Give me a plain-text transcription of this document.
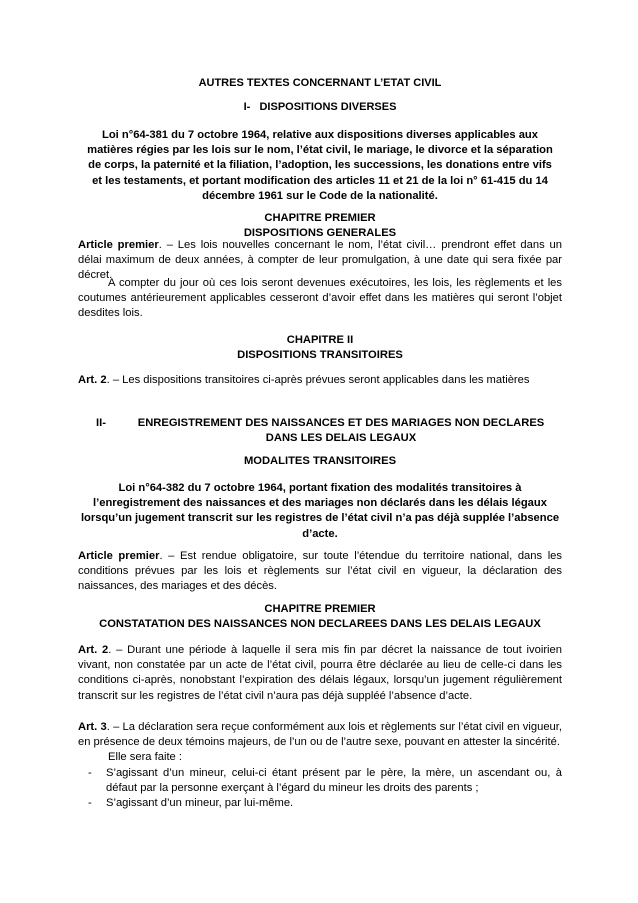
AUTRES TEXTES CONCERNANT L’ETAT CIVIL
I- DISPOSITIONS DIVERSES
Loi n°64-381 du 7 octobre 1964, relative aux dispositions diverses applicables aux matières régies par les lois sur le nom, l’état civil, le mariage, le divorce et la séparation de corps, la paternité et la filiation, l’adoption, les successions, les donations entre vifs et les testaments, et portant modification des articles 11 et 21 de la loi n° 61-415 du 14 décembre 1961 sur le Code de la nationalité.
CHAPITRE PREMIER
DISPOSITIONS GENERALES
Article premier. – Les lois nouvelles concernant le nom, l’état civil… prendront effet dans un délai maximum de deux années, à compter de leur promulgation, à une date qui sera fixée par décret.
A compter du jour où ces lois seront devenues exécutoires, les lois, les règlements et les coutumes antérieurement applicables cesseront d’avoir effet dans les matières qui seront l’objet desdites lois.
CHAPITRE II
DISPOSITIONS TRANSITOIRES
Art. 2. – Les dispositions transitoires ci-après prévues seront applicables dans les matières
II-	ENREGISTREMENT DES NAISSANCES ET DES MARIAGES NON DECLARES
DANS LES DELAIS LEGAUX
MODALITES TRANSITOIRES
Loi n°64-382 du 7 octobre 1964, portant fixation des modalités transitoires à l’enregistrement des naissances et des mariages non déclarés dans les délais légaux lorsqu’un jugement transcrit sur les registres de l’état civil n’a pas déjà supplée l’absence d’acte.
Article premier. – Est rendue obligatoire, sur toute l’étendue du territoire national, dans les conditions prévues par les lois et règlements sur l’état civil en vigueur, la déclaration des naissances, des mariages et des décès.
CHAPITRE PREMIER
CONSTATATION DES NAISSANCES NON DECLAREES DANS LES DELAIS LEGAUX
Art. 2. – Durant une période à laquelle il sera mis fin par décret la naissance de tout ivoirien vivant, non constatée par un acte de l’état civil, pourra être déclarée au lieu de celle-ci dans les conditions ci-après, nonobstant l’expiration des délais légaux, lorsqu’un jugement régulièrement transcrit sur les registres de l’état civil n’aura pas déjà suppléé l’absence d’acte.
Art. 3. – La déclaration sera reçue conformément aux lois et règlements sur l’état civil en vigueur, en présence de deux témoins majeurs, de l’un ou de l’autre sexe, pouvant en attester la sincérité.
Elle sera faite :
- S’agissant d’un mineur, celui-ci étant présent par le père, la mère, un ascendant ou, à défaut par la personne exerçant à l’égard du mineur les droits des parents ;
- S’agissant d’un mineur, par lui-même.
